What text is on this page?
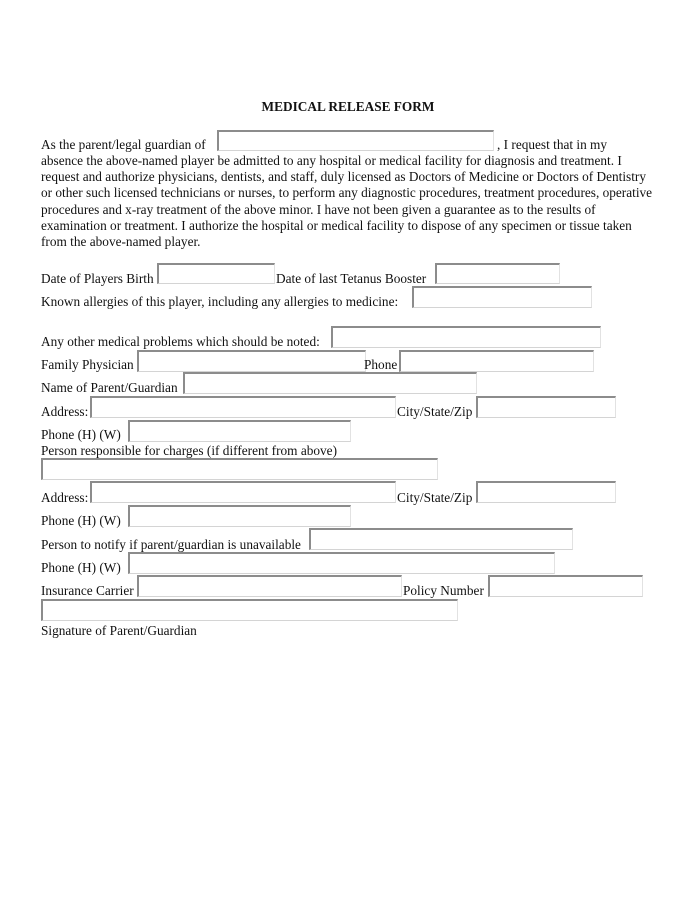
MEDICAL RELEASE FORM
As the parent/legal guardian of	, I request that in my
absence the above-named player be admitted to any hospital or medical facility for diagnosis and treatment. I request and authorize physicians, dentists, and staff, duly licensed as Doctors of Medicine or Doctors of Dentistry or other such licensed technicians or nurses, to perform any diagnostic procedures, treatment procedures, operative procedures and x-ray treatment of the above minor. I have not been given a guarantee as to the results of examination or treatment. I authorize the hospital or medical facility to dispose of any specimen or tissue taken from the above-named player.
Date of Players Birth	Date of last Tetanus Booster
Known allergies of this player, including any allergies to medicine:
Any other medical problems which should be noted:
Family Physician	Phone
Name of Parent/Guardian
Address:	City/State/Zip
Phone (H) (W)
Person responsible for charges (if different from above)
Address:	City/State/Zip
Phone (H) (W)
Person to notify if parent/guardian is unavailable
Phone (H) (W)
Insurance Carrier	Policy Number
Signature of Parent/Guardian
